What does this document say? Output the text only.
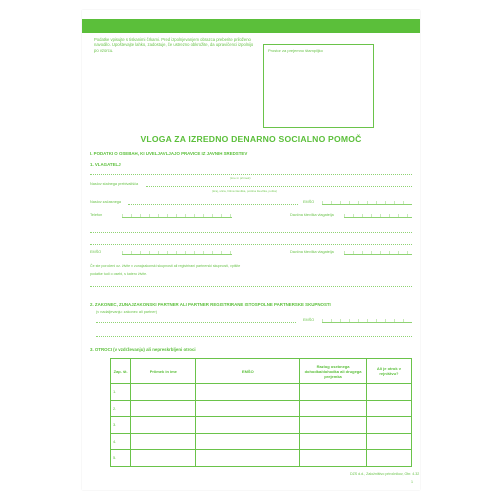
Podatke vpisujte s tiskanimi črkami. Pred izpolnjevanjem obrazca preberite priloženo navodilo. Upoštevajte lahko, zadostuje, če ustrezno obkrožite, da upravičenci izpolnijo po vzorcu.	Prostor za prejemno štampiljko
VLOGA ZA IZREDNO DENARNO SOCIALNO POMOČ
I. PODATKI O OSEBAH, KI UVELJAVLJAJO PRAVICE IZ JAVNIH SREDSTEV
1. VLAGATELJ
(ime in priimek)
Naslov stalnega prebivališča
(kraj, ulica, hišna številka, poštna številka, pošta)
Naslov začasnega	EMŠO
Telefon	Davčna številka vlagatelja
EMŠO	Davčna številka vlagatelja
Če ste poročeni oz. živite v zunajzakonski skupnosti ali registrirani partnerski skupnosti, vpišite
podatke tudi o osebi, s katero živite.
2. ZAKONEC, ZUNAJZAKONSKI PARTNER ALI PARTNER REGISTRIRANE ISTOSPOLNE PARTNERSKE SKUPNOSTI
(v nadaljevanju: zakonec ali partner)
EMŠO
3. OTROCI (v vzdrževanju) ali nepreskrbljeni otroci
Zap. št.	Priimek in ime	EMŠO	Razlog osebnega dohodka/dohodka ali drugega prejemka	Ali je otrok v rejništvu?
1.				
2.				
3.				
4.				
5.				
DZS d.d., Založništvo priročnikov, Obr. 4.32
1
